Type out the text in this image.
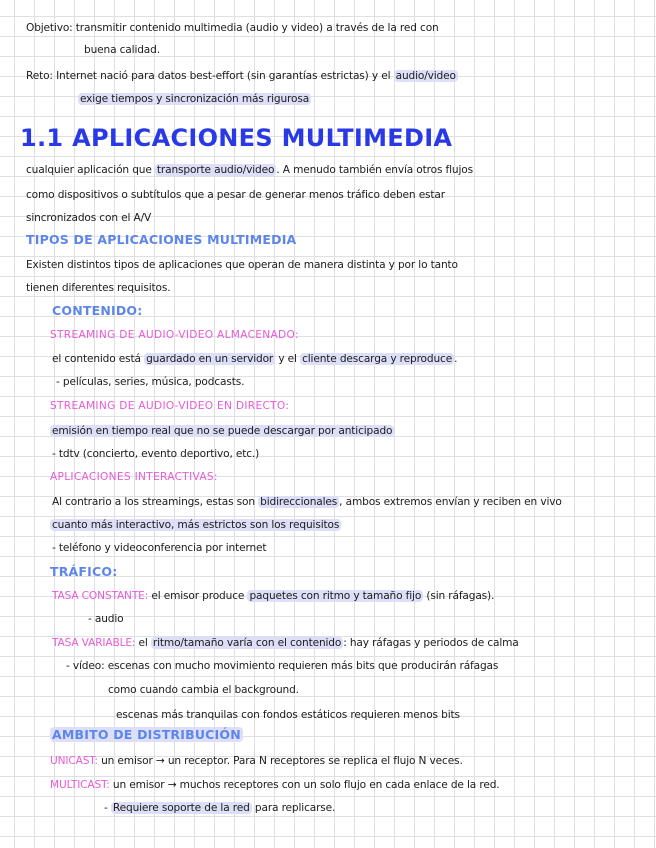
Objetivo: transmitir contenido multimedia (audio y video) a través de la red con
buena calidad.
Reto: Internet nació para datos best-effort (sin garantías estrictas) y el audio/video
exige tiempos y sincronización más rigurosa
1.1 APLICACIONES MULTIMEDIA
cualquier aplicación que transporte audio/video . A menudo también envía otros flujos
como dispositivos o subtítulos que a pesar de generar menos tráfico deben estar
sincronizados con el A/V
TIPOS DE APLICACIONES MULTIMEDIA
Existen distintos tipos de aplicaciones que operan de manera distinta y por lo tanto
tienen diferentes requisitos.
CONTENIDO:
STREAMING DE AUDIO-VIDEO ALMACENADO:
el contenido está guardado en un servidor y el cliente descarga y reproduce .
- películas, series, música, podcasts.
STREAMING DE AUDIO-VIDEO EN DIRECTO:
emisión en tiempo real que no se puede descargar por anticipado
- tdtv (concierto, evento deportivo, etc.)
APLICACIONES INTERACTIVAS:
Al contrario a los streamings, estas son bidireccionales , ambos extremos envían y reciben en vivo
cuanto más interactivo, más estrictos son los requisitos
- teléfono y videoconferencia por internet
TRÁFICO:
TASA CONSTANTE: el emisor produce paquetes con ritmo y tamaño fijo (sin ráfagas).
- audio
TASA VARIABLE: el ritmo/tamaño varía con el contenido : hay ráfagas y periodos de calma
- vídeo: escenas con mucho movimiento requieren más bits que producirán ráfagas
como cuando cambia el background.
escenas más tranquilas con fondos estáticos requieren menos bits
AMBITO DE DISTRIBUCIÓN
UNICAST: un emisor → un receptor. Para N receptores se replica el flujo N veces.
MULTICAST: un emisor → muchos receptores con un solo flujo en cada enlace de la red.
- Requiere soporte de la red para replicarse.
